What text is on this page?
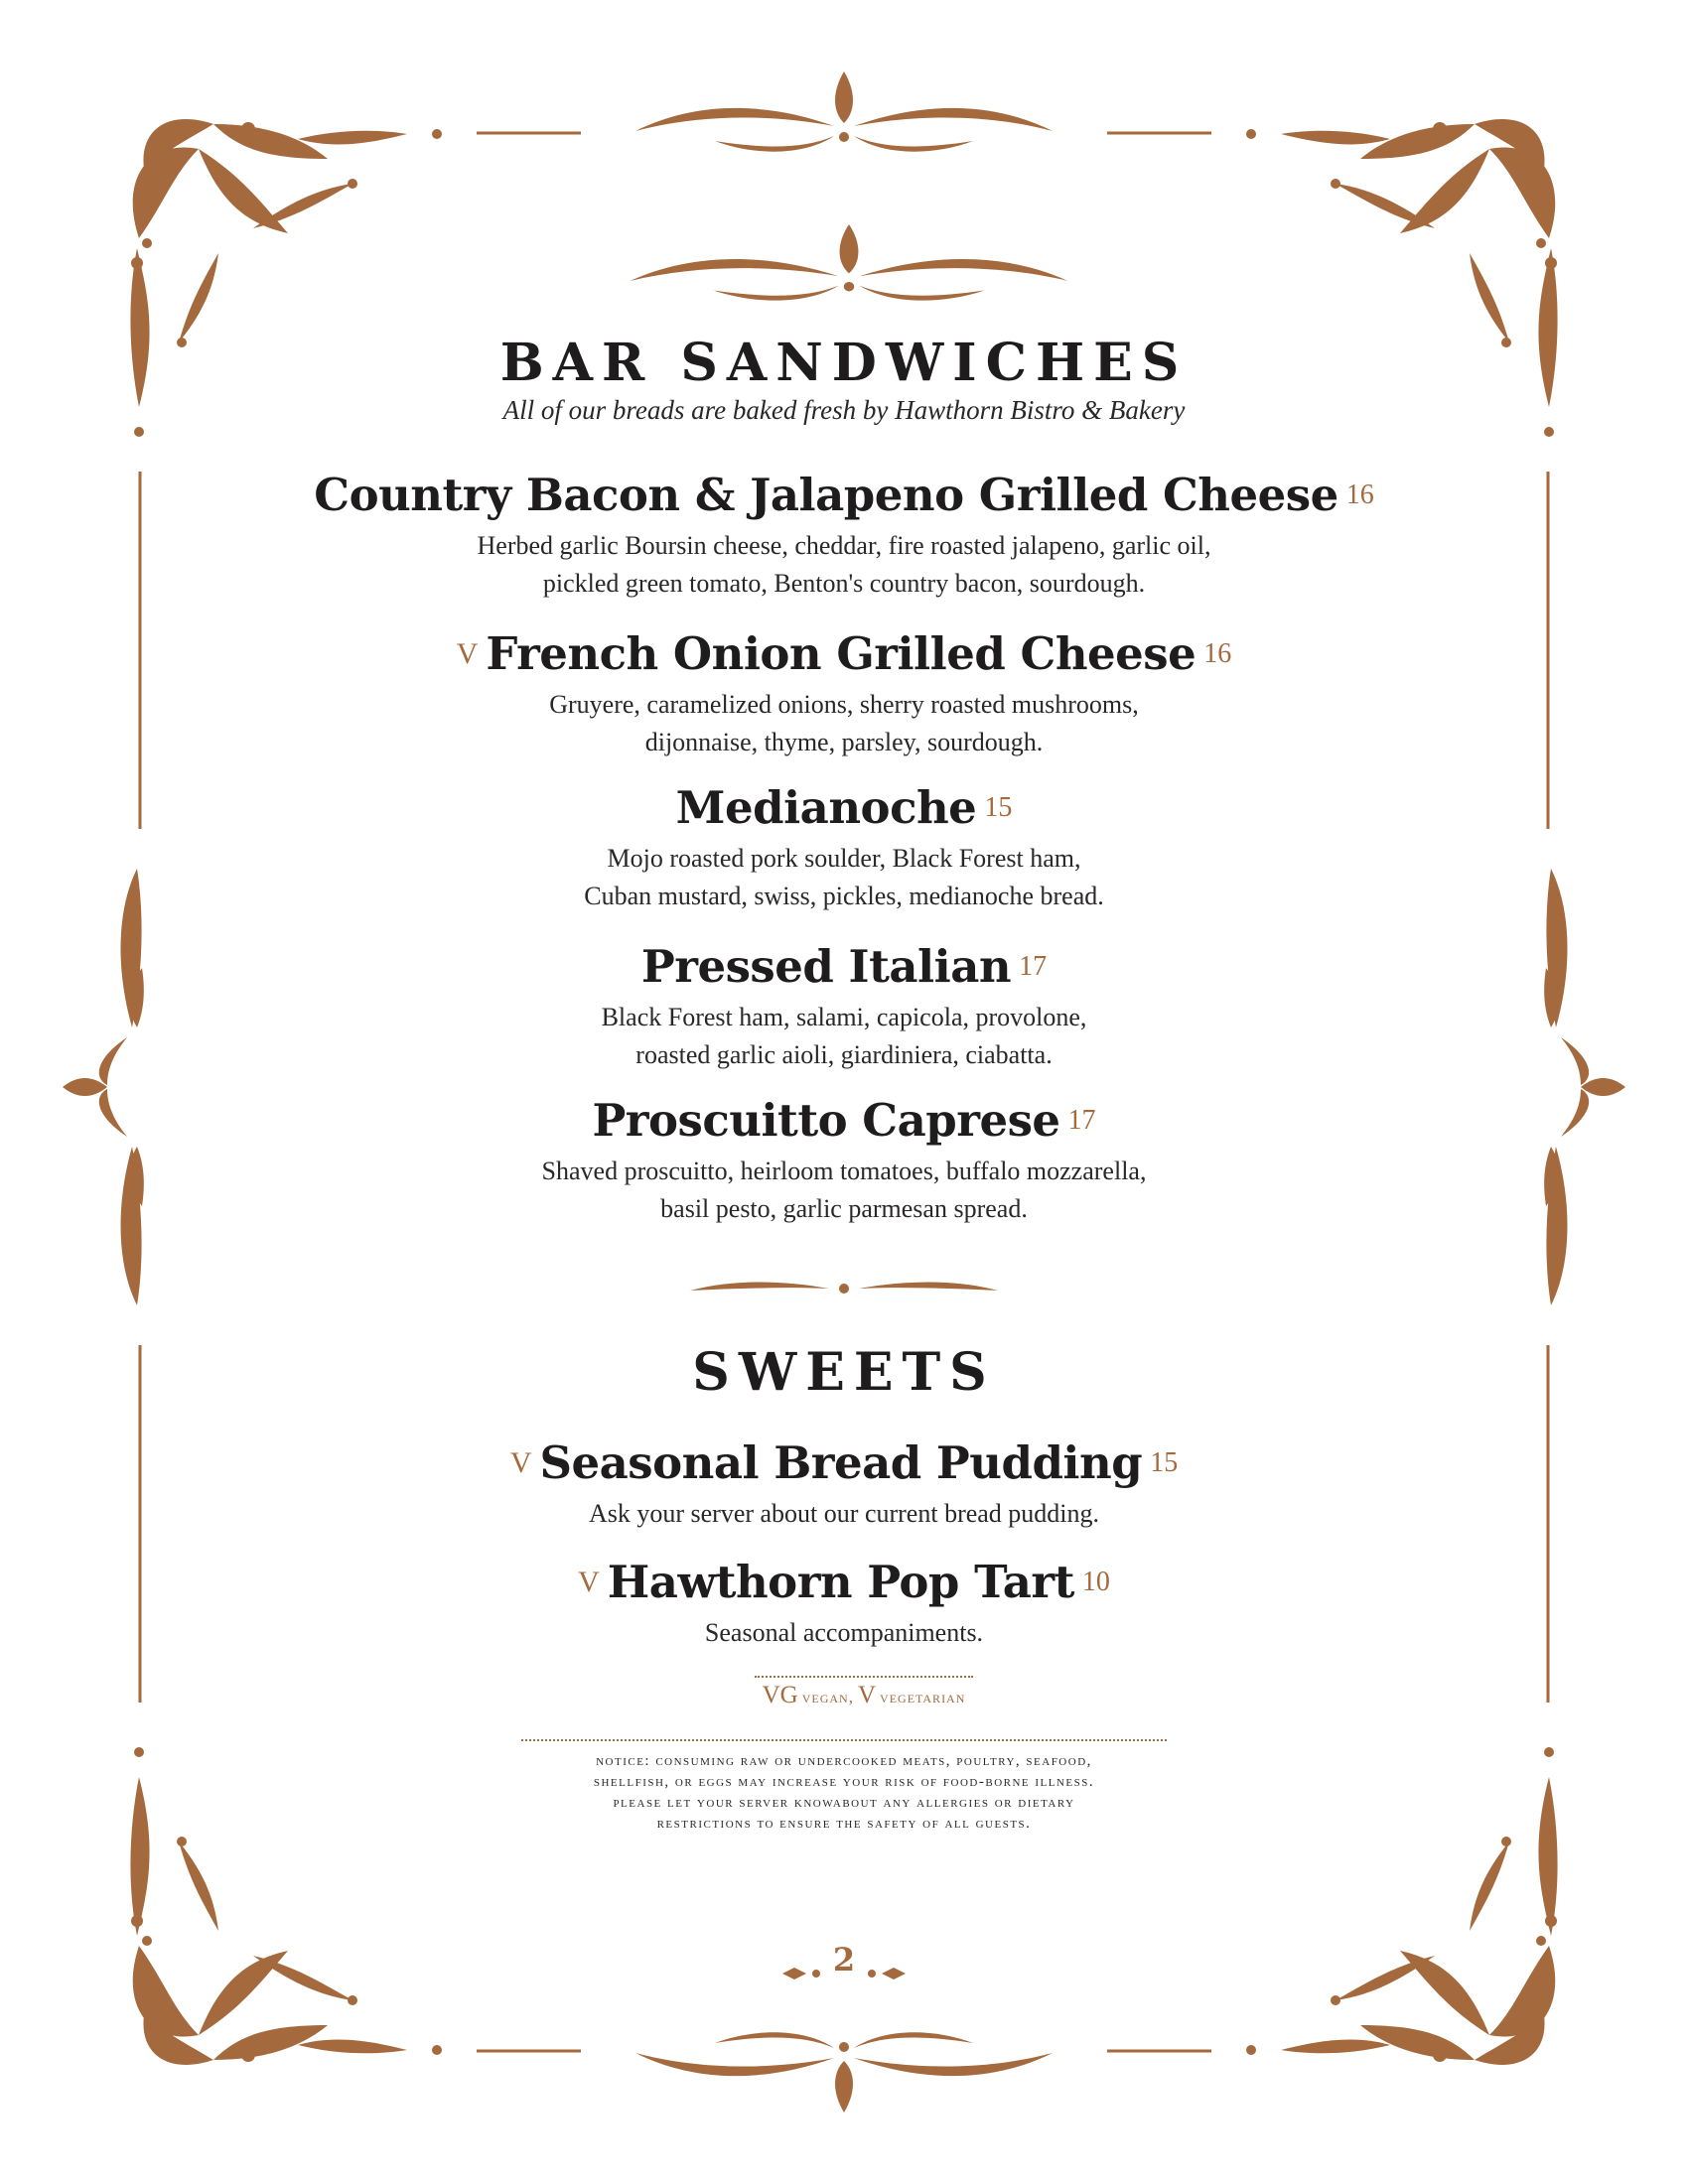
BAR SANDWICHES
All of our breads are baked fresh by Hawthorn Bistro & Bakery
Country Bacon & Jalapeno Grilled Cheese 16
Herbed garlic Boursin cheese, cheddar, fire roasted jalapeno, garlic oil,
pickled green tomato, Benton's country bacon, sourdough.
V French Onion Grilled Cheese 16
Gruyere, caramelized onions, sherry roasted mushrooms,
dijonnaise, thyme, parsley, sourdough.
Medianoche 15
Mojo roasted pork soulder, Black Forest ham,
Cuban mustard, swiss, pickles, medianoche bread.
Pressed Italian 17
Black Forest ham, salami, capicola, provolone,
roasted garlic aioli, giardiniera, ciabatta.
Proscuitto Caprese 17
Shaved proscuitto, heirloom tomatoes, buffalo mozzarella,
basil pesto, garlic parmesan spread.
SWEETS
V Seasonal Bread Pudding 15
Ask your server about our current bread pudding.
V Hawthorn Pop Tart 10
Seasonal accompaniments.
VG vegan, V vegetarian
notice: consuming raw or undercooked meats, poultry, seafood,
shellfish, or eggs may increase your risk of food-borne illness.
please let your server knowabout any allergies or dietary
restrictions to ensure the safety of all guests.
2
